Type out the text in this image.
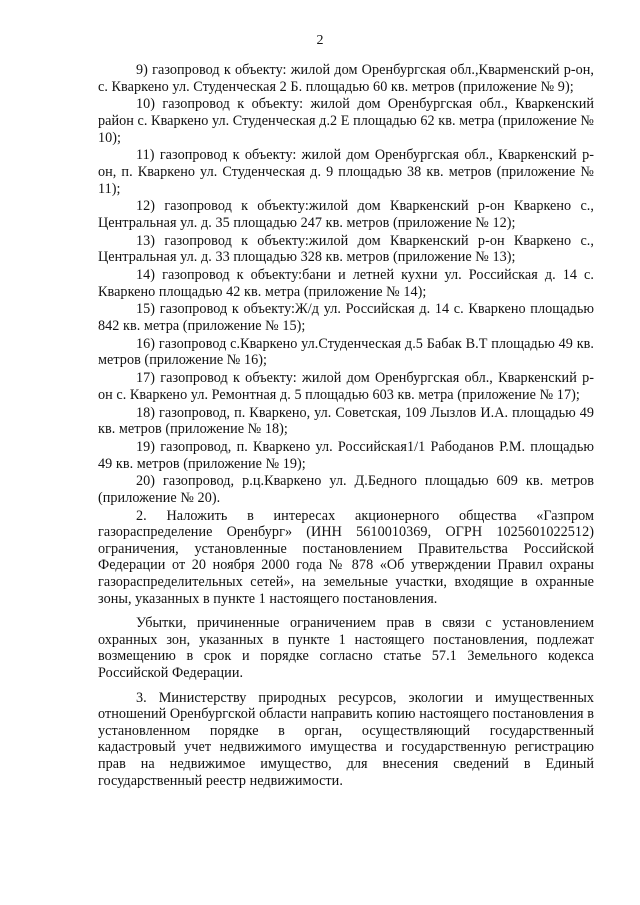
2

9) газопровод к объекту: жилой дом Оренбургская обл.,Кварменский р-он, с. Кваркено ул. Студенческая 2 Б. площадью 60 кв. метров (приложение № 9);

10) газопровод к объекту: жилой дом Оренбургская обл., Кваркенский район с. Кваркено ул. Студенческая д.2 Е площадью 62 кв. метра (приложение № 10);

11) газопровод к объекту: жилой дом Оренбургская обл., Кваркенский р-он, п. Кваркено ул. Студенческая д. 9 площадью 38 кв. метров (приложение № 11);

12) газопровод к объекту:жилой дом Кваркенский р-он Кваркено с., Центральная ул. д. 35 площадью 247 кв. метров (приложение № 12);

13) газопровод к объекту:жилой дом Кваркенский р-он Кваркено с., Центральная ул. д. 33 площадью 328 кв. метров (приложение № 13);

14) газопровод к объекту:бани и летней кухни ул. Российская д. 14 с. Кваркено площадью 42 кв. метра (приложение № 14);

15) газопровод к объекту:Ж/д ул. Российская д. 14 с. Кваркено площадью 842 кв. метра (приложение № 15);

16) газопровод с.Кваркено ул.Студенческая д.5 Бабак В.Т площадью 49 кв. метров (приложение № 16);

17) газопровод к объекту: жилой дом Оренбургская обл., Кваркенский р-он с. Кваркено ул. Ремонтная д. 5 площадью 603 кв. метра (приложение № 17);

18) газопровод, п. Кваркено, ул. Советская, 109 Лызлов И.А. площадью 49 кв. метров (приложение № 18);

19) газопровод, п. Кваркено ул. Российская1/1 Рабоданов Р.М. площадью 49 кв. метров (приложение № 19);

20) газопровод, р.ц.Кваркено ул. Д.Бедного площадью 609 кв. метров (приложение № 20).

2. Наложить в интересах акционерного общества «Газпром газораспределение Оренбург» (ИНН 5610010369, ОГРН 1025601022512) ограничения, установленные постановлением Правительства Российской Федерации от 20 ноября 2000 года № 878 «Об утверждении Правил охраны газораспределительных сетей», на земельные участки, входящие в охранные зоны, указанных в пункте 1 настоящего постановления.

Убытки, причиненные ограничением прав в связи с установлением охранных зон, указанных в пункте 1 настоящего постановления, подлежат возмещению в срок и порядке согласно статье 57.1 Земельного кодекса Российской Федерации.

3. Министерству природных ресурсов, экологии и имущественных отношений Оренбургской области направить копию настоящего постановления в установленном порядке в орган, осуществляющий государственный кадастровый учет недвижимого имущества и государственную регистрацию прав на недвижимое имущество, для внесения сведений в Единый государственный реестр недвижимости.
